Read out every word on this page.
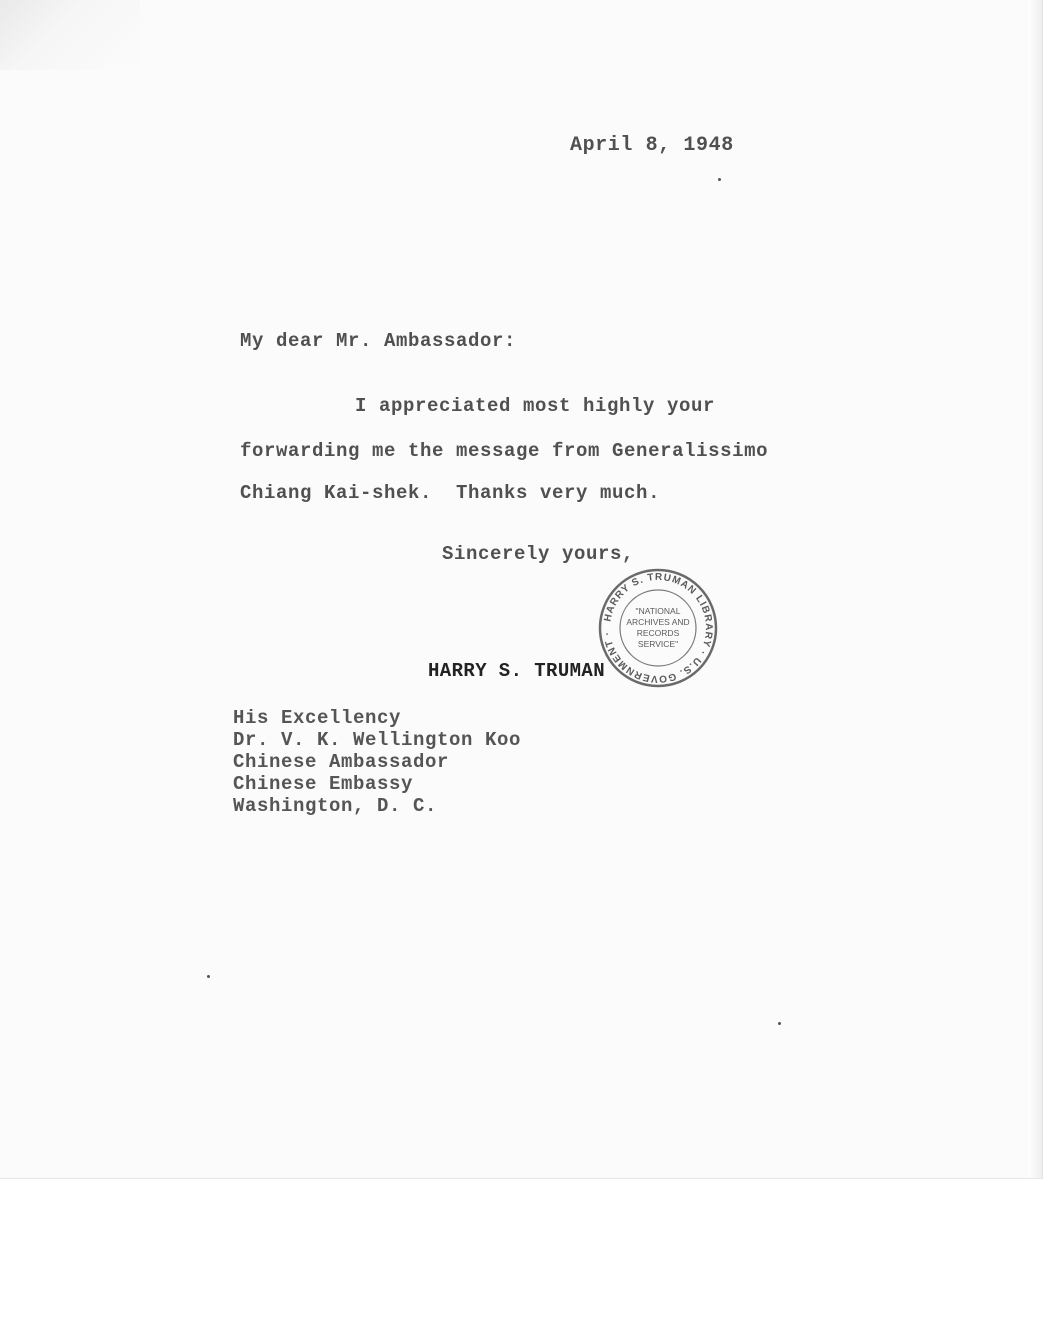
April 8, 1948
My dear Mr. Ambassador:
I appreciated most highly your
forwarding me the message from Generalissimo
Chiang Kai-shek.  Thanks very much.
Sincerely yours,
HARRY S. TRUMAN LIBRARY · U.S. GOVERNMENT ·
"NATIONAL
ARCHIVES AND
RECORDS
SERVICE"
HARRY S. TRUMAN
His Excellency
Dr. V. K. Wellington Koo
Chinese Ambassador
Chinese Embassy
Washington, D. C.
